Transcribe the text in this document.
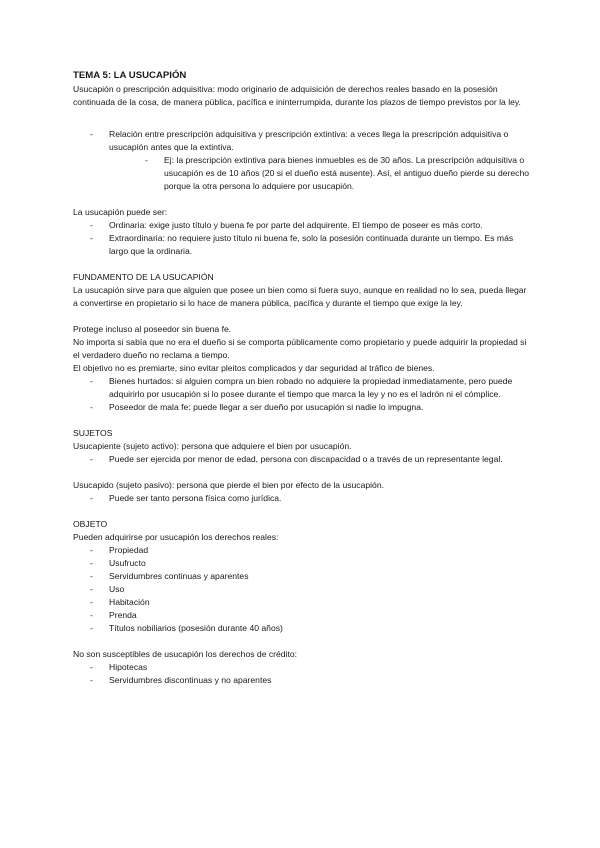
TEMA 5: LA USUCAPIÓN

Usucapión o prescripción adquisitiva: modo originario de adquisición de derechos reales basado en la posesión continuada de la cosa, de manera pública, pacífica e ininterrumpida, durante los plazos de tiempo previstos por la ley.

- Relación entre prescripción adquisitiva y prescripción extintiva: a veces llega la prescripción adquisitiva o usucapión antes que la extintiva.
- Ej: la prescripción extintiva para bienes inmuebles es de 30 años. La prescripción adquisitiva o usucapión es de 10 años (20 si el dueño está ausente). Así, el antiguo dueño pierde su derecho porque la otra persona lo adquiere por usucapión.

La usucapión puede ser:

- Ordinaria: exige justo título y buena fe por parte del adquirente. El tiempo de poseer es más corto.
- Extraordinaria: no requiere justo título ni buena fe, solo la posesión continuada durante un tiempo. Es más largo que la ordinaria.

FUNDAMENTO DE LA USUCAPIÓN

La usucapión sirve para que alguien que posee un bien como si fuera suyo, aunque en realidad no lo sea, pueda llegar a convertirse en propietario si lo hace de manera pública, pacífica y durante el tiempo que exige la ley.

Protege incluso al poseedor sin buena fe.

No importa si sabía que no era el dueño si se comporta públicamente como propietario y puede adquirir la propiedad si el verdadero dueño no reclama a tiempo.

El objetivo no es premiarte, sino evitar pleitos complicados y dar seguridad al tráfico de bienes.

- Bienes hurtados: si alguien compra un bien robado no adquiere la propiedad inmediatamente, pero puede adquirirlo por usucapión si lo posee durante el tiempo que marca la ley y no es el ladrón ni el cómplice.
- Poseedor de mala fe: puede llegar a ser dueño por usucapión si nadie lo impugna.

SUJETOS

Usucapiente (sujeto activo): persona que adquiere el bien por usucapión.

- Puede ser ejercida por menor de edad, persona con discapacidad o a través de un representante legal.

Usucapido (sujeto pasivo): persona que pierde el bien por efecto de la usucapión.

- Puede ser tanto persona física como jurídica.

OBJETO

Pueden adquirirse por usucapión los derechos reales:

- Propiedad
- Usufructo
- Servidumbres continuas y aparentes
- Uso
- Habitación
- Prenda
- Títulos nobiliarios (posesión durante 40 años)

No son susceptibles de usucapión los derechos de crédito:

- Hipotecas
- Servidumbres discontinuas y no aparentes
